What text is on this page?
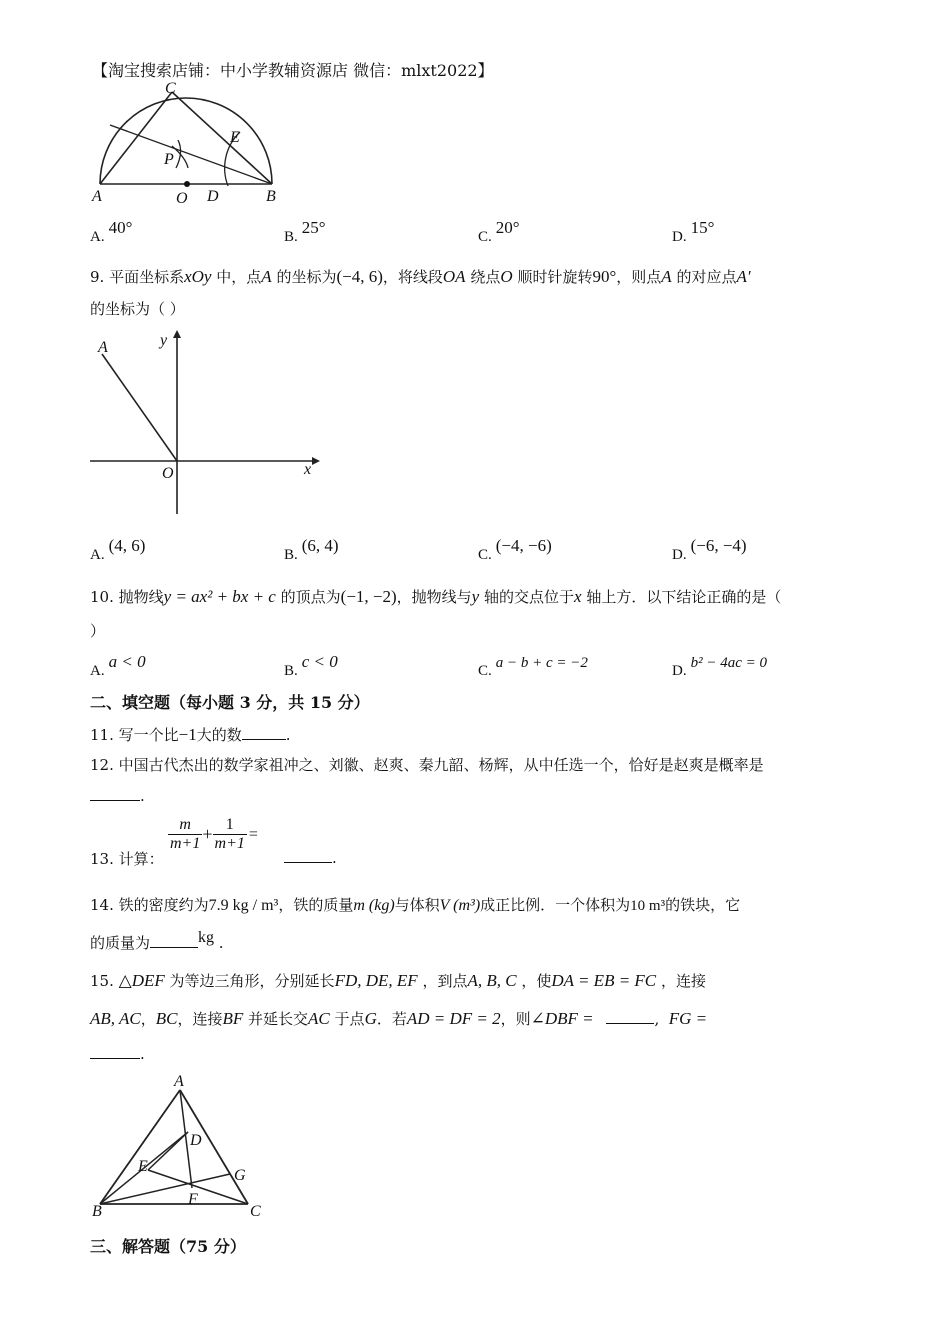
【淘宝搜索店铺：中小学教辅资源店 微信：mlxt2022】
A	B
C
D
E
O
P
A. 40°	B. 25°	C. 20°	D. 15°
9. 平面坐标系xOy 中，点A 的坐标为(−4, 6)，将线段OA 绕点O 顺时针旋转90°，则点A 的对应点A′
的坐标为（ ）
A	y
O	x
A. (4, 6)	B. (6, 4)	C. (−4, −6)	D. (−6, −4)
10. 抛物线y = ax² + bx + c 的顶点为(−1, −2)，抛物线与y 轴的交点位于x 轴上方．以下结论正确的是（
）
A. a < 0	B. c < 0	C. a − b + c = −2	D. b² − 4ac = 0
二、填空题（每小题 3 分，共 15 分）
11. 写一个比−1大的数	.
12. 中国古代杰出的数学家祖冲之、刘徽、赵爽、秦九韶、杨辉，从中任选一个，恰好是赵爽是概率是
.
$\frac{m}{m+1} + \frac{1}{m+1}$ =
13. 计算：	.
14. 铁的密度约为7.9 kg / m³，铁的质量m (kg)与体积V (m³)成正比例．一个体积为10 m³的铁块，它
的质量为	kg .
15. △DEF 为等边三角形，分别延长FD, DE, EF ，到点A, B, C ，使DA = EB = FC ，连接
AB, AC，BC，连接BF 并延长交AC 于点G．若AD = DF = 2，则∠DBF =	,  FG =
.
A
B	C
D
E
F
G
三、解答题（75 分）
